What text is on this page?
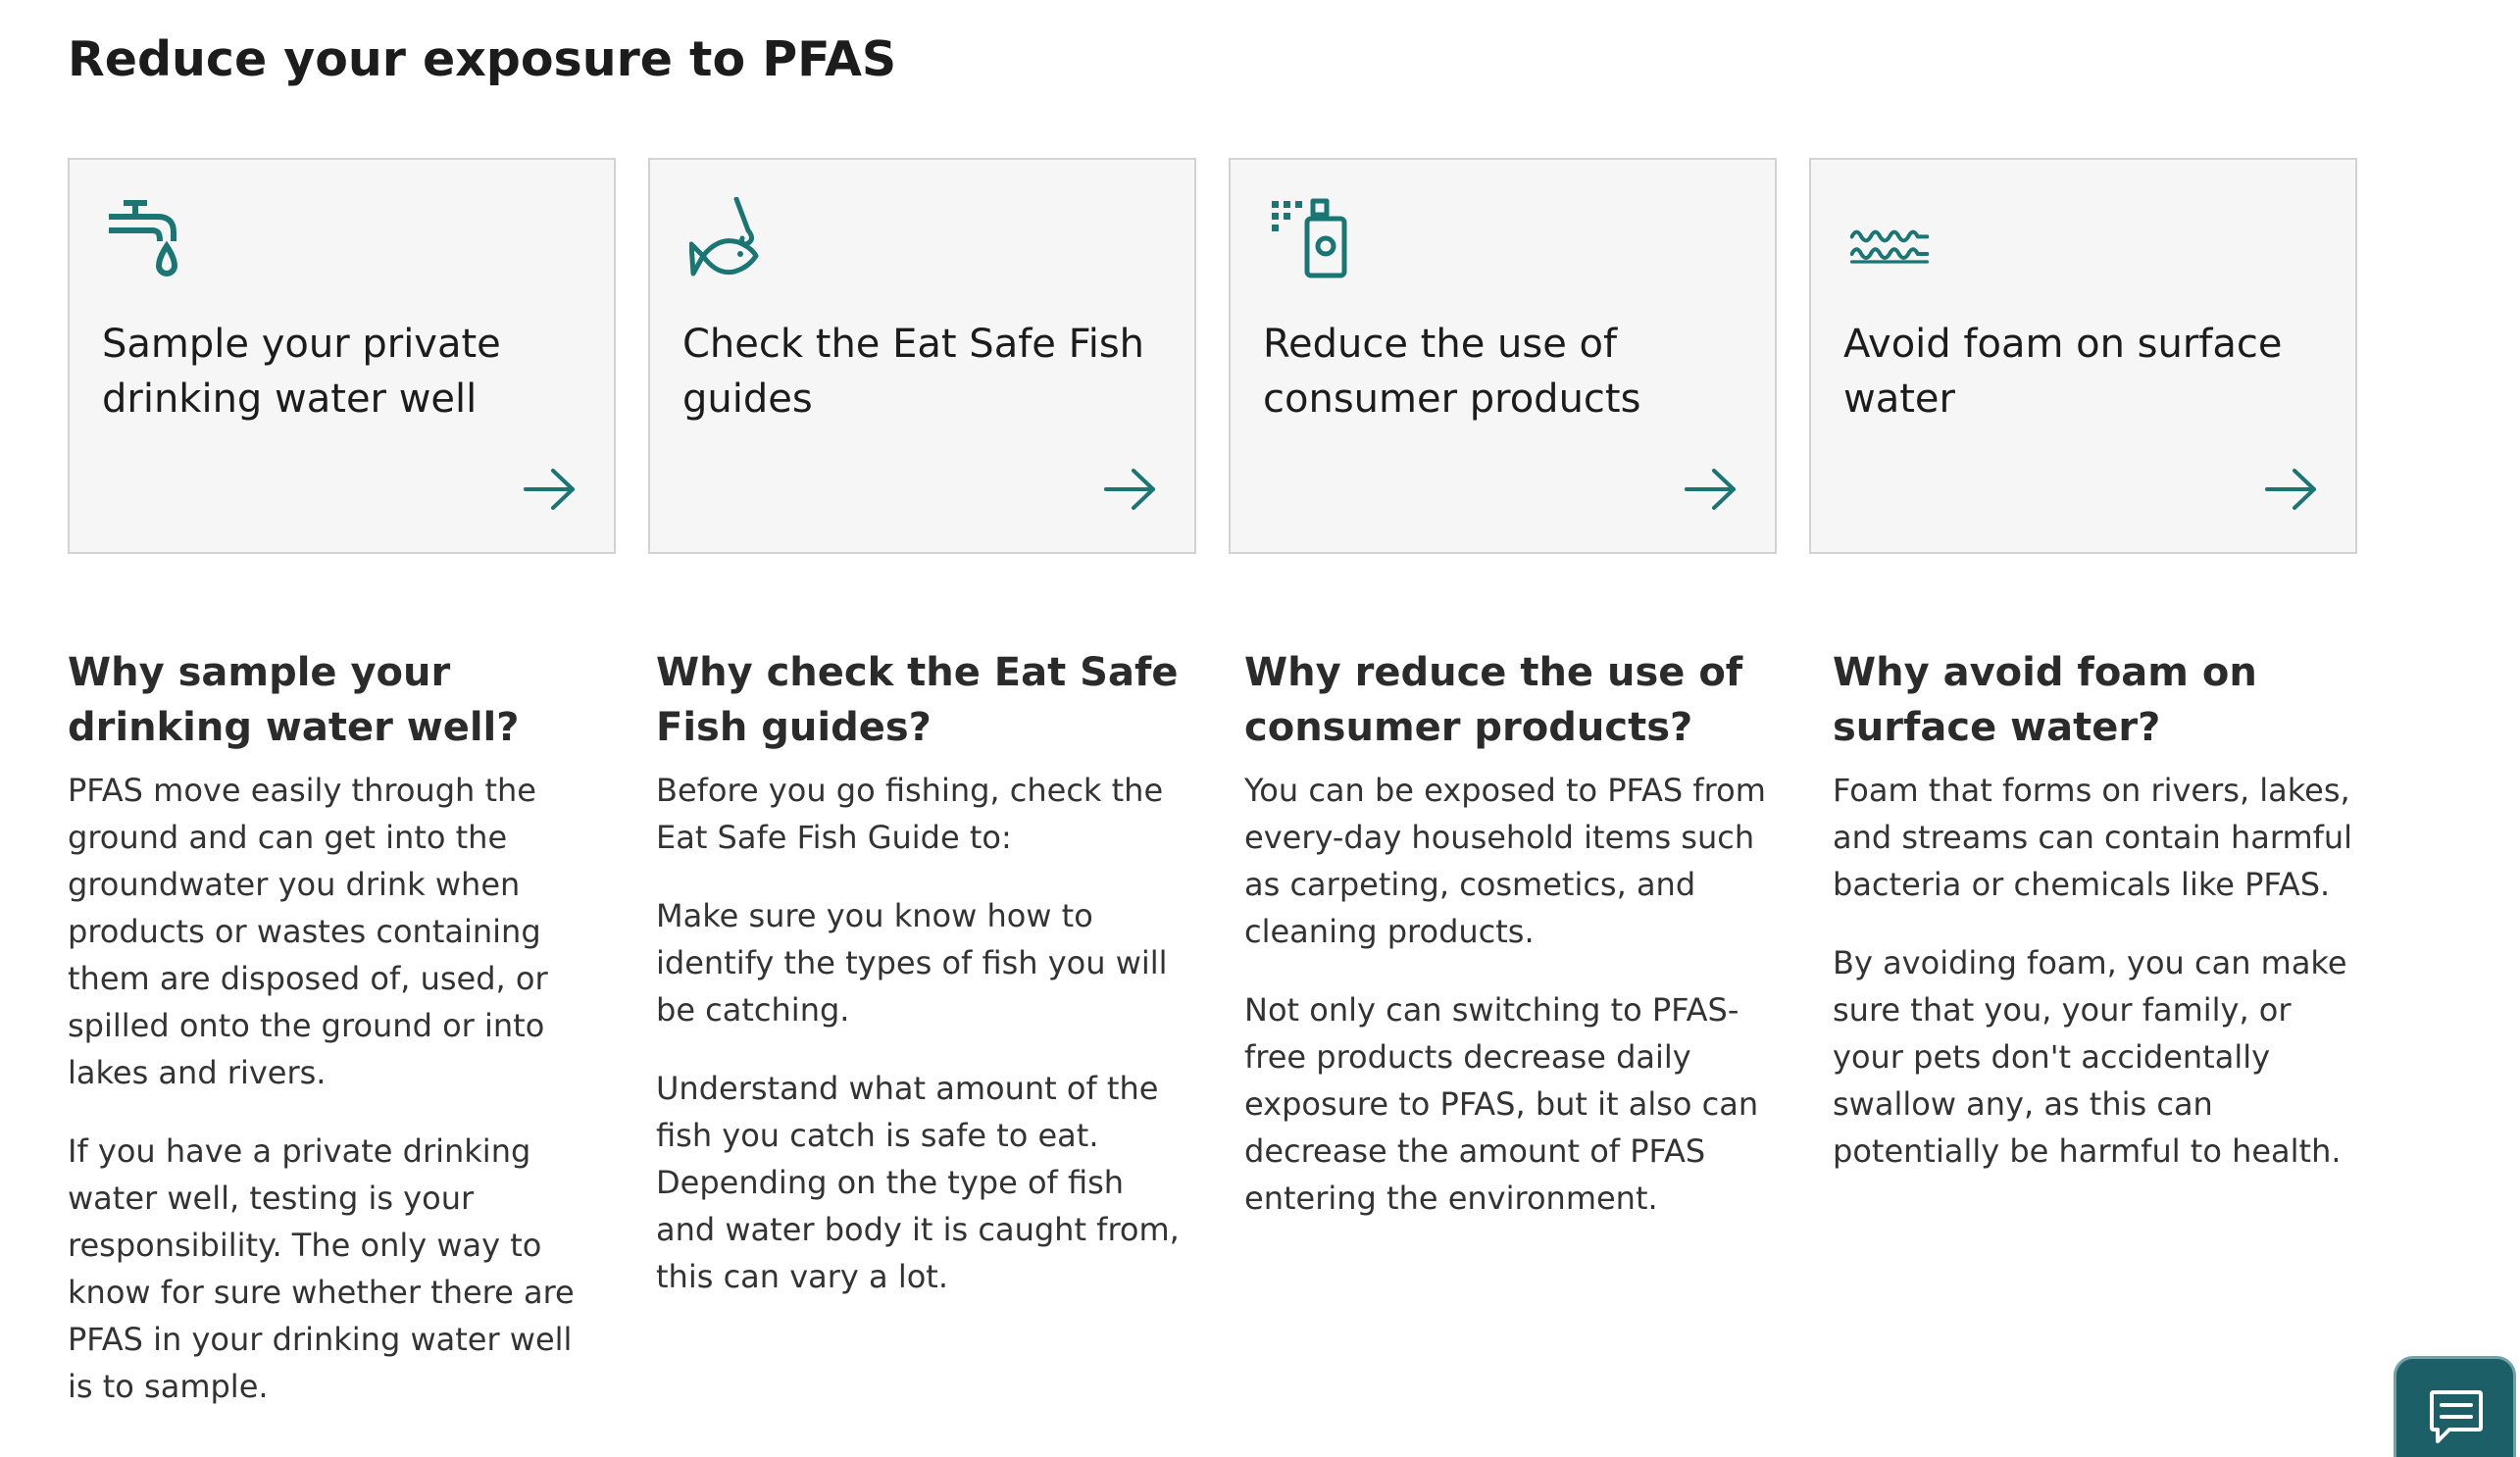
Reduce your exposure to PFAS
Sample your private drinking water well
Check the Eat Safe Fish guides
Reduce the use of consumer products
Avoid foam on surface water
Why sample your drinking water well?

PFAS move easily through the ground and can get into the groundwater you drink when products or wastes containing them are disposed of, used, or spilled onto the ground or into lakes and rivers.

If you have a private drinking water well, testing is your responsibility. The only way to know for sure whether there are PFAS in your drinking water well is to sample.

Why check the Eat Safe Fish guides?

Before you go fishing, check the Eat Safe Fish Guide to:

Make sure you know how to identify the types of fish you will be catching.

Understand what amount of the fish you catch is safe to eat. Depending on the type of fish and water body it is caught from, this can vary a lot.

Why reduce the use of consumer products?

You can be exposed to PFAS from every-day household items such as carpeting, cosmetics, and cleaning products.

Not only can switching to PFAS-free products decrease daily exposure to PFAS, but it also can decrease the amount of PFAS entering the environment.

Why avoid foam on surface water?

Foam that forms on rivers, lakes, and streams can contain harmful bacteria or chemicals like PFAS.

By avoiding foam, you can make sure that you, your family, or your pets don't accidentally swallow any, as this can potentially be harmful to health.
